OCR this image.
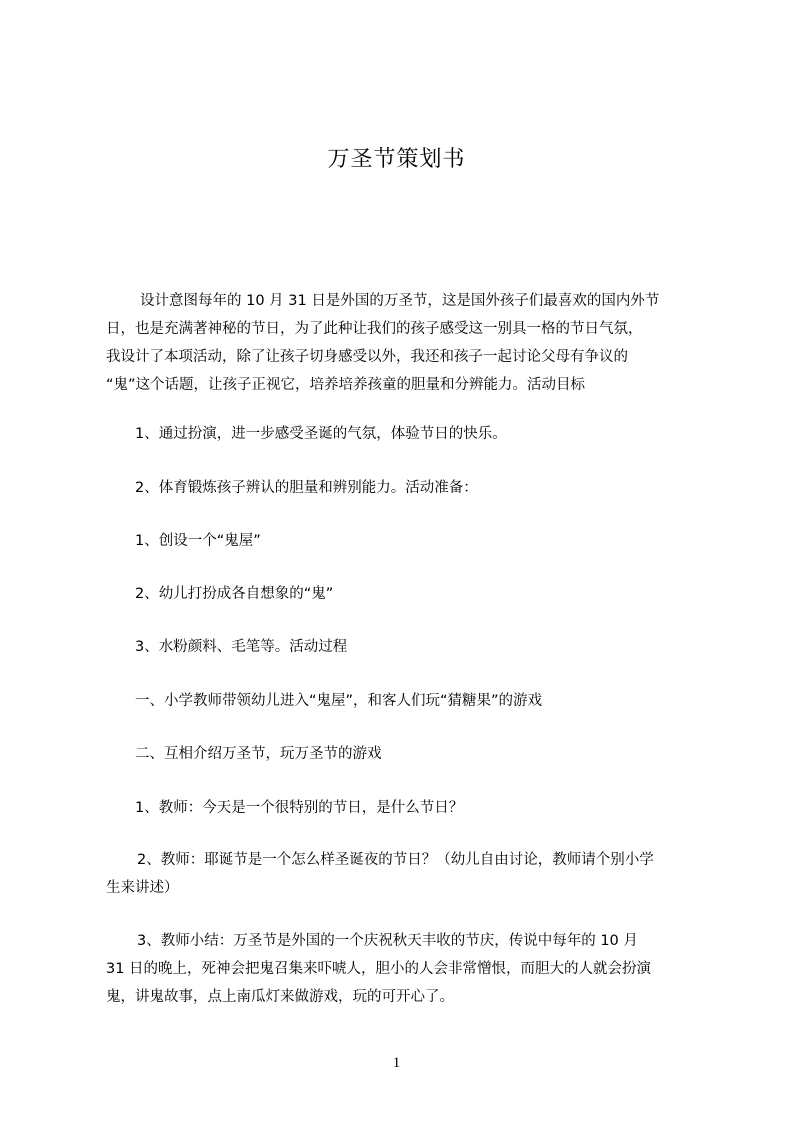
万圣节策划书
设计意图每年的 10 月 31 日是外国的万圣节，这是国外孩子们最喜欢的国内外节
日，也是充满著神秘的节日，为了此种让我们的孩子感受这一别具一格的节日气氛，
我设计了本项活动，除了让孩子切身感受以外，我还和孩子一起讨论父母有争议的
“鬼”这个话题，让孩子正视它，培养培养孩童的胆量和分辨能力。活动目标
1、通过扮演，进一步感受圣诞的气氛，体验节日的快乐。
2、体育锻炼孩子辨认的胆量和辨别能力。活动准备：
1、创设一个“鬼屋”
2、幼儿打扮成各自想象的“鬼”
3、水粉颜料、毛笔等。活动过程
一、小学教师带领幼儿进入“鬼屋”，和客人们玩“猜糖果”的游戏
二、互相介绍万圣节，玩万圣节的游戏
1、教师：今天是一个很特别的节日，是什么节日？
2、教师：耶诞节是一个怎么样圣诞夜的节日？（幼儿自由讨论，教师请个别小学
生来讲述）
3、教师小结：万圣节是外国的一个庆祝秋天丰收的节庆，传说中每年的 10 月
31 日的晚上，死神会把鬼召集来吓唬人，胆小的人会非常憎恨，而胆大的人就会扮演
鬼，讲鬼故事，点上南瓜灯来做游戏，玩的可开心了。
1
